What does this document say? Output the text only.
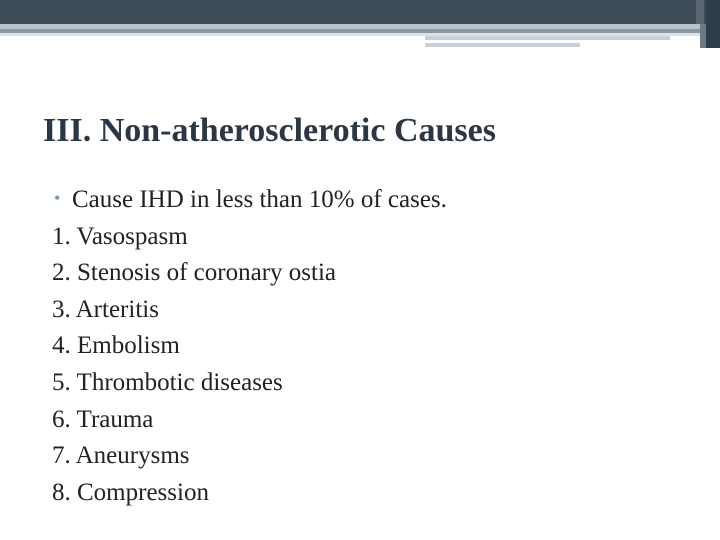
III. Non-atherosclerotic Causes
• Cause IHD in less than 10% of cases.
1. Vasospasm
2. Stenosis of coronary ostia
3. Arteritis
4. Embolism
5. Thrombotic diseases
6. Trauma
7. Aneurysms
8. Compression
